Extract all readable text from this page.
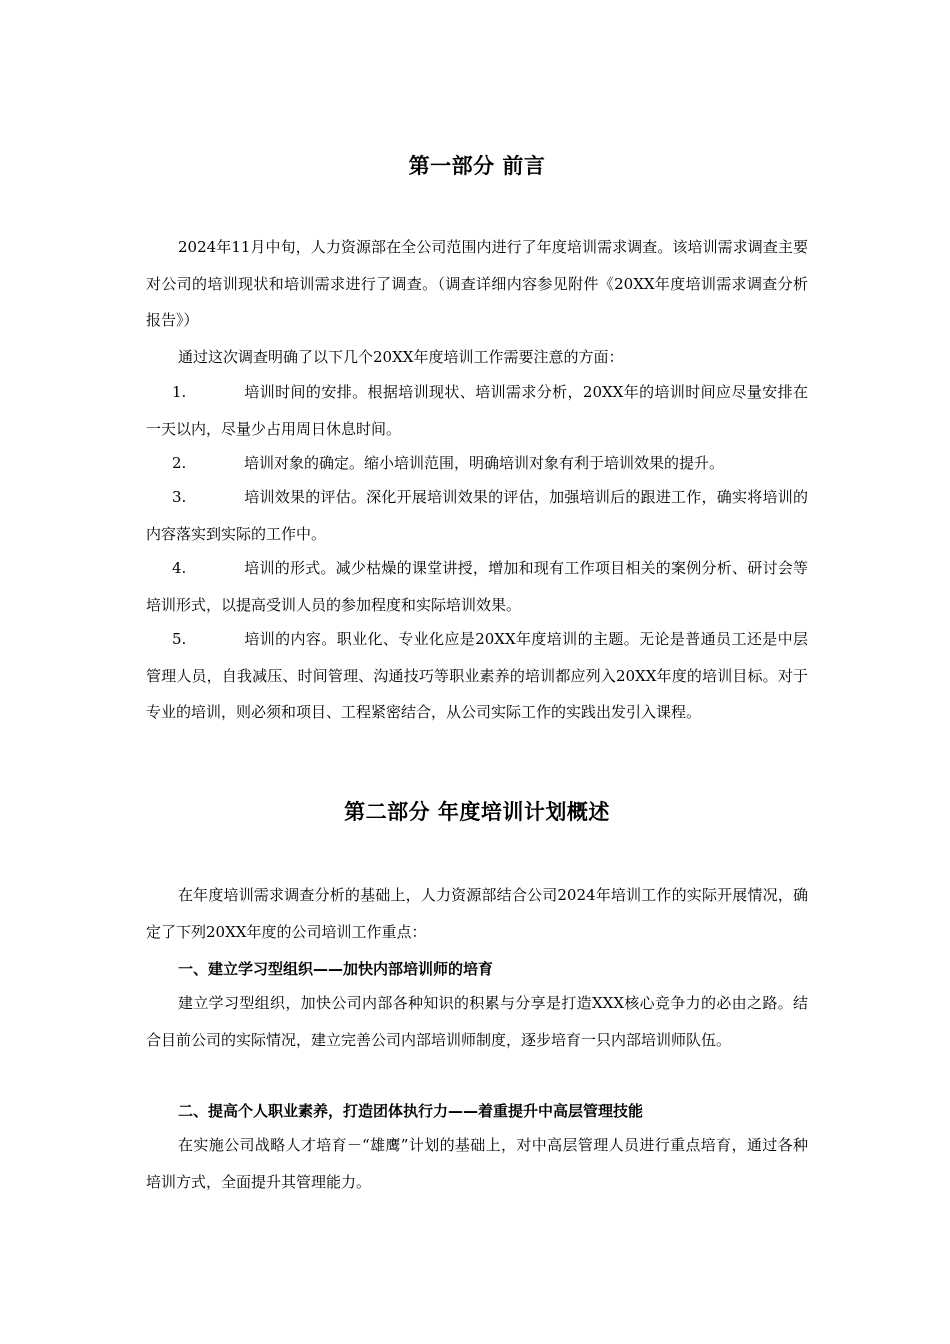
第一部分 前言

2024年11月中旬，人力资源部在全公司范围内进行了年度培训需求调查。该培训需求调查主要对公司的培训现状和培训需求进行了调查。（调查详细内容参见附件《20XX年度培训需求调查分析报告》）

通过这次调查明确了以下几个20XX年度培训工作需要注意的方面：

1.	培训时间的安排。根据培训现状、培训需求分析，20XX年的培训时间应尽量安排在一天以内，尽量少占用周日休息时间。

2.	培训对象的确定。缩小培训范围，明确培训对象有利于培训效果的提升。

3.	培训效果的评估。深化开展培训效果的评估，加强培训后的跟进工作，确实将培训的内容落实到实际的工作中。

4.	培训的形式。减少枯燥的课堂讲授，增加和现有工作项目相关的案例分析、研讨会等培训形式，以提高受训人员的参加程度和实际培训效果。

5.	培训的内容。职业化、专业化应是20XX年度培训的主题。无论是普通员工还是中层管理人员，自我减压、时间管理、沟通技巧等职业素养的培训都应列入20XX年度的培训目标。对于专业的培训，则必须和项目、工程紧密结合，从公司实际工作的实践出发引入课程。

第二部分 年度培训计划概述

在年度培训需求调查分析的基础上，人力资源部结合公司2024年培训工作的实际开展情况，确定了下列20XX年度的公司培训工作重点：

一、建立学习型组织——加快内部培训师的培育

建立学习型组织，加快公司内部各种知识的积累与分享是打造XXX核心竞争力的必由之路。结合目前公司的实际情况，建立完善公司内部培训师制度，逐步培育一只内部培训师队伍。

二、提高个人职业素养，打造团体执行力——着重提升中高层管理技能

在实施公司战略人才培育－“雄鹰”计划的基础上，对中高层管理人员进行重点培育，通过各种培训方式，全面提升其管理能力。
